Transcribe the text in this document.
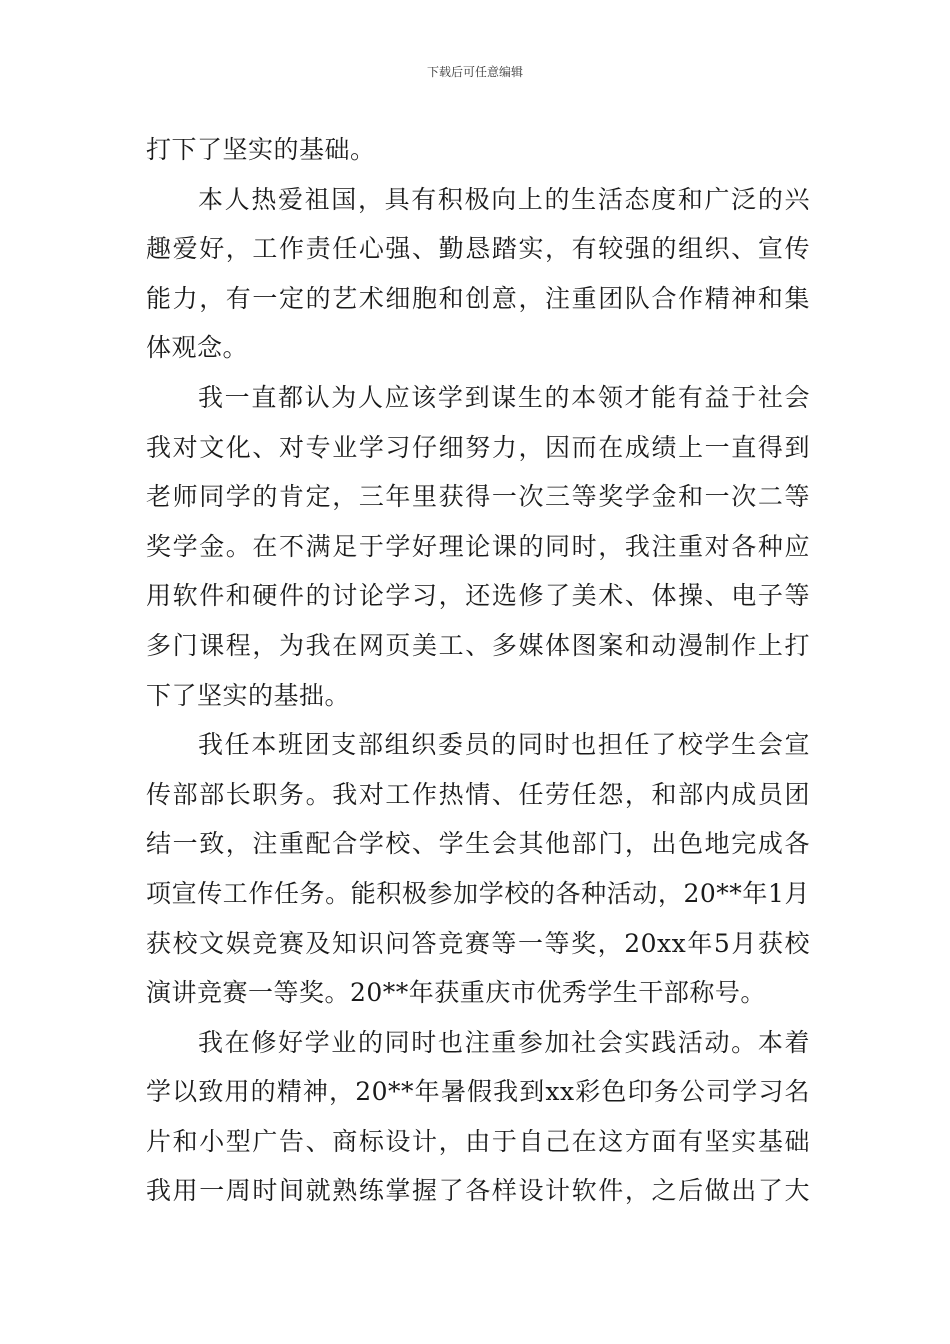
下载后可任意编辑
打下了坚实的基础。
本人热爱祖国，具有积极向上的生活态度和广泛的兴
趣爱好，工作责任心强、勤恳踏实，有较强的组织、宣传
能力，有一定的艺术细胞和创意，注重团队合作精神和集
体观念。
我一直都认为人应该学到谋生的本领才能有益于社会
我对文化、对专业学习仔细努力，因而在成绩上一直得到
老师同学的肯定，三年里获得一次三等奖学金和一次二等
奖学金。在不满足于学好理论课的同时，我注重对各种应
用软件和硬件的讨论学习，还选修了美术、体操、电子等
多门课程，为我在网页美工、多媒体图案和动漫制作上打
下了坚实的基拙。
我任本班团支部组织委员的同时也担任了校学生会宣
传部部长职务。我对工作热情、任劳任怨，和部内成员团
结一致，注重配合学校、学生会其他部门，出色地完成各
项宣传工作任务。能积极参加学校的各种活动，20**年1月
获校文娱竞赛及知识问答竞赛等一等奖，20xx年5月获校
演讲竞赛一等奖。20**年获重庆市优秀学生干部称号。
我在修好学业的同时也注重参加社会实践活动。本着
学以致用的精神，20**年暑假我到xx彩色印务公司学习名
片和小型广告、商标设计，由于自己在这方面有坚实基础
我用一周时间就熟练掌握了各样设计软件，之后做出了大
